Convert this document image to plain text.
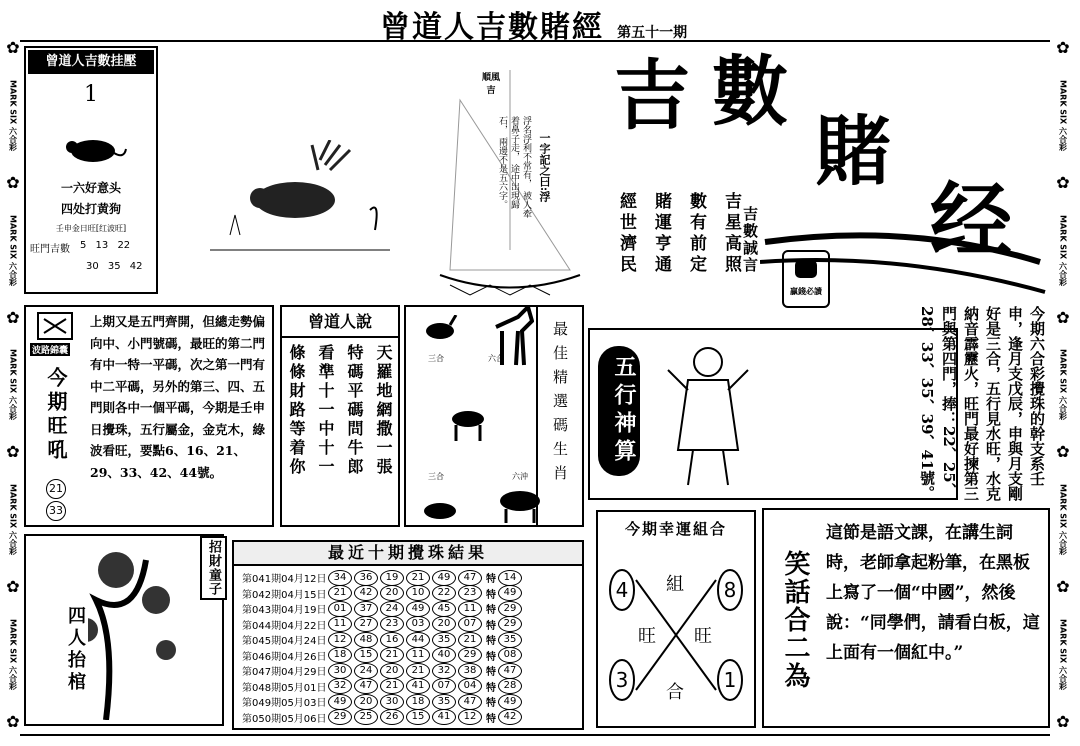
✿
MARK SIX 六合彩
✿
MARK SIX 六合彩
✿
MARK SIX 六合彩
✿
MARK SIX 六合彩
✿
MARK SIX 六合彩
✿
✿
MARK SIX 六合彩
✿
MARK SIX 六合彩
✿
MARK SIX 六合彩
✿
MARK SIX 六合彩
✿
MARK SIX 六合彩
✿
曾道人吉數賭經 第五十一期
曾道人吉數挂壓
1
一六好意头
四处打黄狗
壬申金日旺[红波旺]
旺門吉數	5 13 22
30 35 42
順風 吉
一字記之曰:浮
浮名浮利不常有， 被人牽着鼻子走， 途中出現歸石， 兩邊不是五六字。
吉 數
賭
经
吉星高照
數有前定
賭運亨通
經世濟民	吉數誠言
贏錢必讀
波路錦囊
今期旺吼
21
33
上期又是五門齊開，但總走勢偏向中、小門號碼，最旺的第二門有中一特一平碼，次之第一門有中二平碼，另外的第三、四、五門則各中一個平碼，今期是壬申日攪珠，五行屬金，金克木，綠波看旺，要點6、16、21、29、33、42、44號。
曾道人說
天羅地網撒一張
特碼平碼問牛郎
看準十一中十一
條條財路等着你	三合	六合
三合	六沖 最佳精選碼生肖	五行神算	今期六合彩攪珠的幹支系壬申，逢月支戊辰，申與月支剛好是三合，五行見水旺，水克納音霹靂火，旺門最好揀第三門與第四門，捧：22、25、28、33、35、39、41號。
四人抬棺
招財童子	最近十期攪珠結果
第041期04月12日 34	36	19	21	49	47 特 14
第042期04月15日 21	42	20	10	22	23 特 49
第043期04月19日 01	37	24	49	45	11 特 29
第044期04月22日 11	27	23	03	20	07 特 29
第045期04月24日 12	48	16	44	35	21 特 35
第046期04月26日 18	15	21	11	40	29 特 08
第047期04月29日 30	24	20	21	32	38 特 47
第048期05月01日 32	47	21	41	07	04 特 28
第049期05月03日 49	20	30	18	35	47 特 49
第050期05月06日 29	25	26	15	41	12 特 42
今期幸運組合
4	8
3	1
組
旺 旺
合
笑話合二為
這節是語文課，在講生詞時，老師拿起粉筆，在黑板上寫了一個“中國”，然後說：“同學們，請看白板，這上面有一個紅中。”
